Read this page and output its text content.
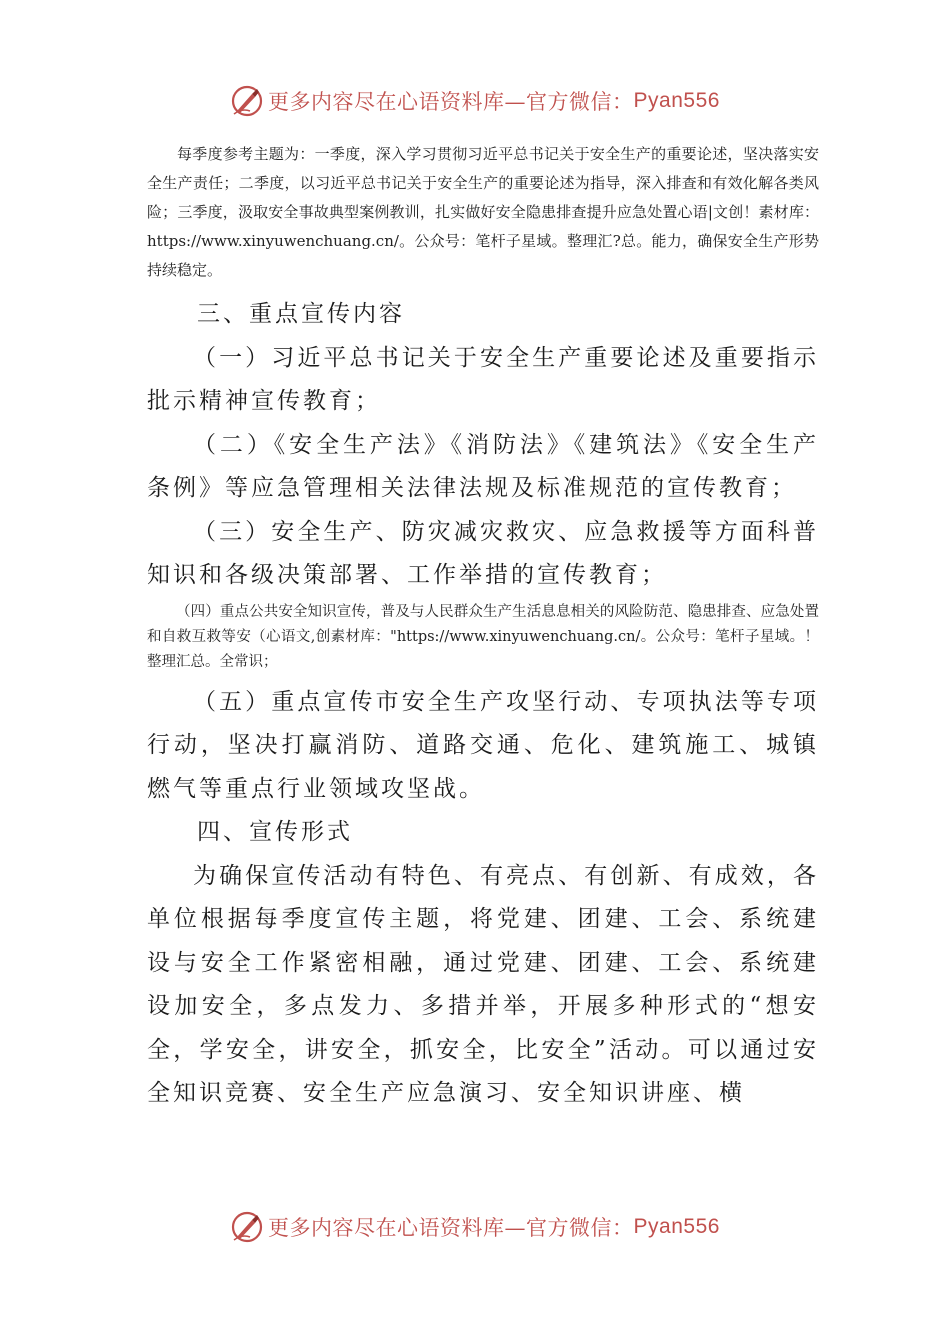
更多内容尽在心语资料库—官方微信： Pyan556

每季度参考主题为：一季度，深入学习贯彻习近平总书记关于安全生产的重要论述，坚决落实安全生产责任；二季度，以习近平总书记关于安全生产的重要论述为指导，深入排查和有效化解各类风险；三季度，汲取安全事故典型案例教训，扎实做好安全隐患排查提升应急处置心语|文创！素材库：https://www.xinyuwenchuang.cn/。公众号：笔杆子星域。整理汇?总。能力，确保安全生产形势持续稳定。

三、重点宣传内容

（一）习近平总书记关于安全生产重要论述及重要指示批示精神宣传教育；

（二）《安全生产法》《消防法》《建筑法》《安全生产条例》等应急管理相关法律法规及标准规范的宣传教育；

（三）安全生产、防灾减灾救灾、应急救援等方面科普知识和各级决策部署、工作举措的宣传教育；

（四）重点公共安全知识宣传，普及与人民群众生产生活息息相关的风险防范、隐患排查、应急处置和自救互救等安（心语文,创素材库："https://www.xinyuwenchuang.cn/。公众号：笔杆子星域。！整理汇总。全常识；

（五）重点宣传市安全生产攻坚行动、专项执法等专项行动，坚决打赢消防、道路交通、危化、建筑施工、城镇燃气等重点行业领域攻坚战。

四、宣传形式

为确保宣传活动有特色、有亮点、有创新、有成效，各单位根据每季度宣传主题，将党建、团建、工会、系统建设与安全工作紧密相融，通过党建、团建、工会、系统建设加安全，多点发力、多措并举，开展多种形式的“想安全，学安全，讲安全，抓安全，比安全”活动。可以通过安全知识竞赛、安全生产应急演习、安全知识讲座、横

更多内容尽在心语资料库—官方微信： Pyan556
